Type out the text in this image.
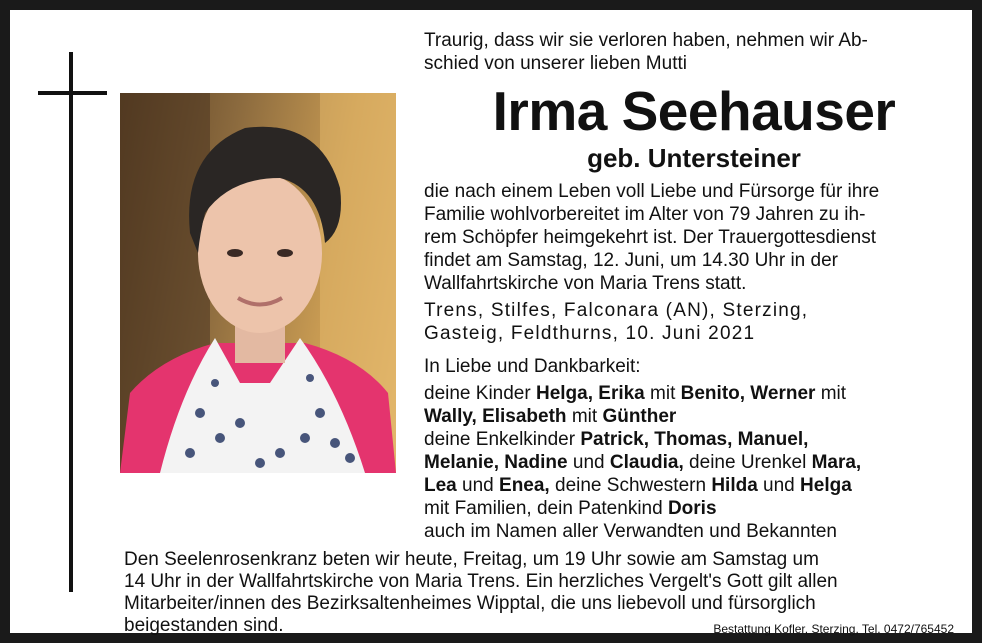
Traurig, dass wir sie verloren haben, nehmen wir Ab-
schied von unserer lieben Mutti
Irma Seehauser
geb. Untersteiner
die nach einem Leben voll Liebe und Fürsorge für ihre
Familie wohlvorbereitet im Alter von 79 Jahren zu ih-
rem Schöpfer heimgekehrt ist. Der Trauergottesdienst
findet am Samstag, 12. Juni, um 14.30 Uhr in der
Wallfahrtskirche von Maria Trens statt.
Trens, Stilfes, Falconara (AN), Sterzing,
Gasteig, Feldthurns, 10. Juni 2021
In Liebe und Dankbarkeit:
deine Kinder Helga, Erika mit Benito, Werner mit
Wally, Elisabeth mit Günther
deine Enkelkinder Patrick, Thomas, Manuel,
Melanie, Nadine und Claudia, deine Urenkel Mara,
Lea und Enea, deine Schwestern Hilda und Helga
mit Familien, dein Patenkind Doris
auch im Namen aller Verwandten und Bekannten
Den Seelenrosenkranz beten wir heute, Freitag, um 19 Uhr sowie am Samstag um
14 Uhr in der Wallfahrtskirche von Maria Trens. Ein herzliches Vergelt's Gott gilt allen
Mitarbeiter/innen des Bezirksaltenheimes Wipptal, die uns liebevoll und fürsorglich
beigestanden sind.	Bestattung Kofler, Sterzing, Tel. 0472/765452
